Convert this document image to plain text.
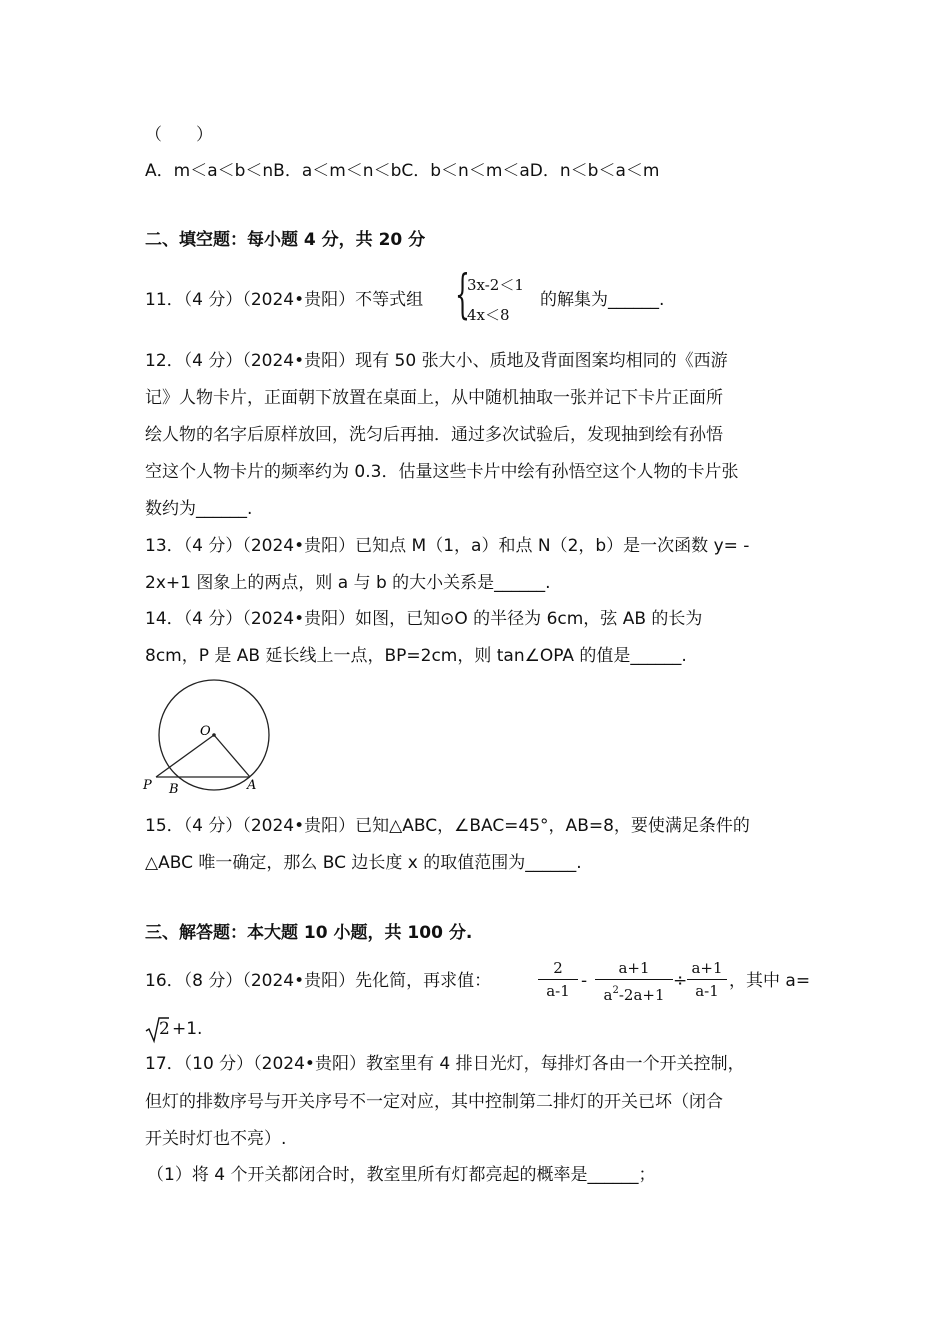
（　　）
A．m＜a＜b＜nB．a＜m＜n＜bC．b＜n＜m＜aD．n＜b＜a＜m
二、填空题：每小题 4 分，共 20 分
11．（4 分）（2024•贵阳）不等式组 {
3x-2＜1
4x＜8
的解集为______.
12．（4 分）（2024•贵阳）现有 50 张大小、质地及背面图案均相同的《西游
记》人物卡片，正面朝下放置在桌面上，从中随机抽取一张并记下卡片正面所
绘人物的名字后原样放回，洗匀后再抽．通过多次试验后，发现抽到绘有孙悟
空这个人物卡片的频率约为 0.3．估量这些卡片中绘有孙悟空这个人物的卡片张
数约为______.
13．（4 分）（2024•贵阳）已知点 M（1，a）和点 N（2，b）是一次函数 y= -
2x+1 图象上的两点，则 a 与 b 的大小关系是______.
14．（4 分）（2024•贵阳）如图，已知⊙O 的半径为 6cm，弦 AB 的长为
8cm，P 是 AB 延长线上一点，BP=2cm，则 tan∠OPA 的值是______.
O
P B	A
15．（4 分）（2024•贵阳）已知△ABC，∠BAC=45°，AB=8，要使满足条件的
△ABC 唯一确定，那么 BC 边长度 x 的取值范围为______.
三、解答题：本大题 10 小题，共 100 分.
16．（8 分）（2024•贵阳）先化简，再求值：	$\frac{2}{a-1} - \frac{a+1}{a^2-2a+1} \div \frac{a+1}{a-1}$ ，其中 a=
2 +1.
17．（10 分）（2024•贵阳）教室里有 4 排日光灯，每排灯各由一个开关控制，
但灯的排数序号与开关序号不一定对应，其中控制第二排灯的开关已坏（闭合
开关时灯也不亮）.
（1）将 4 个开关都闭合时，教室里所有灯都亮起的概率是______；
